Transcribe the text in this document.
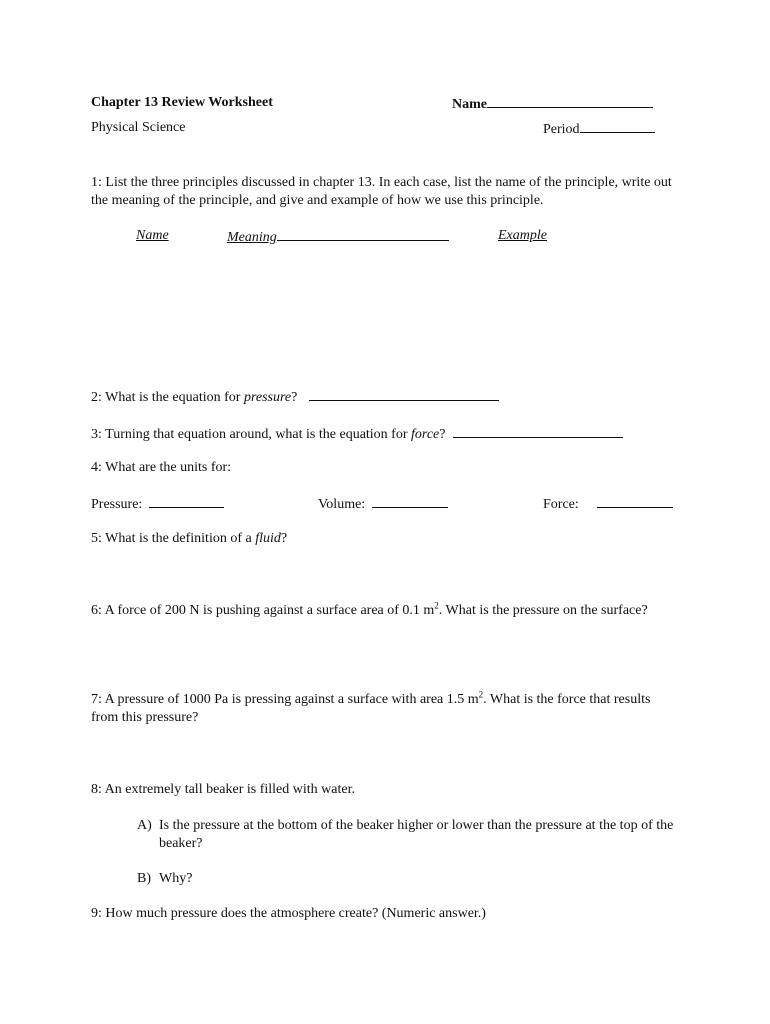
Chapter 13 Review Worksheet	Name
Physical Science	Period
1: List the three principles discussed in chapter 13. In each case, list the name of the principle, write out the meaning of the principle, and give and example of how we use this principle.
Name	Meaning	Example
2: What is the equation for pressure?
3: Turning that equation around, what is the equation for force?
4: What are the units for:
Pressure:	Volume:	Force:
5: What is the definition of a fluid?
6: A force of 200 N is pushing against a surface area of 0.1 $m^2$. What is the pressure on the surface?
7: A pressure of 1000 Pa is pressing against a surface with area 1.5 $m^2$. What is the force that results from this pressure?
8: An extremely tall beaker is filled with water.
A) Is the pressure at the bottom of the beaker higher or lower than the pressure at the top of the beaker?
B) Why?
9: How much pressure does the atmosphere create? (Numeric answer.)
